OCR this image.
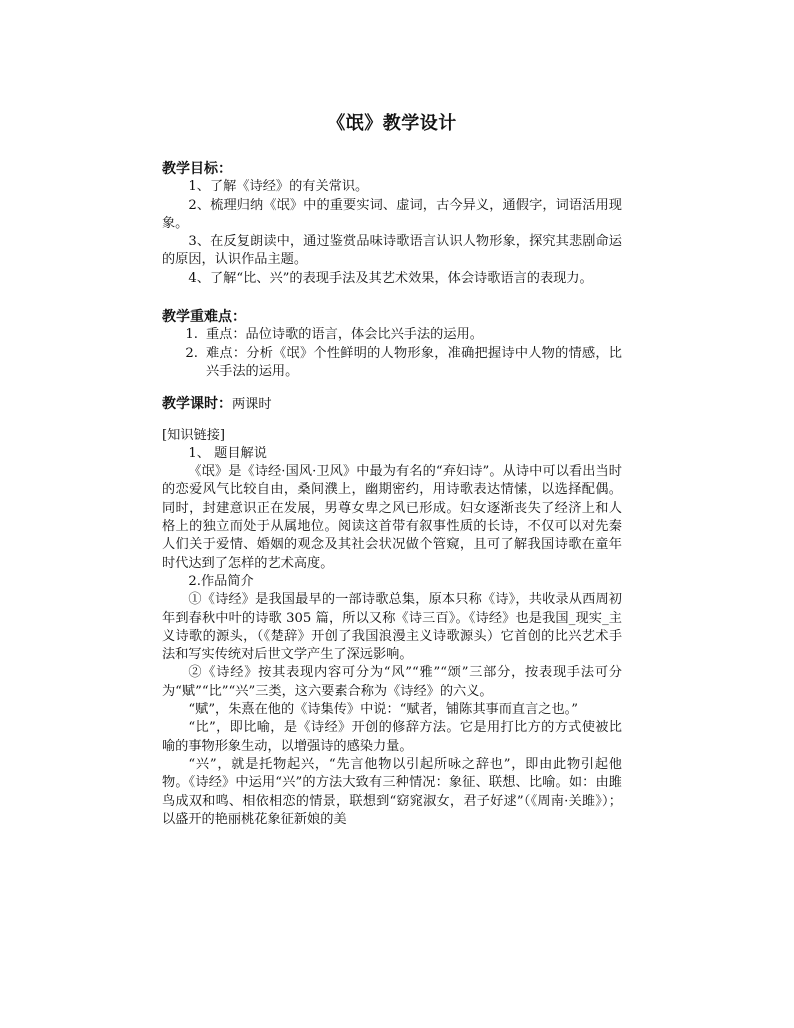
《氓》教学设计
教学目标：

1、了解《诗经》的有关常识。

2、梳理归纳《氓》中的重要实词、虚词，古今异义，通假字，词语活用现象。

3、在反复朗读中，通过鉴赏品味诗歌语言认识人物形象，探究其悲剧命运的原因，认识作品主题。

4、了解“比、兴”的表现手法及其艺术效果，体会诗歌语言的表现力。

教学重难点：
1. 重点：品位诗歌的语言，体会比兴手法的运用。
2. 难点：分析《氓》个性鲜明的人物形象，准确把握诗中人物的情感，比兴手法的运用。
教学课时：两课时
[知识链接]

1、 题目解说

《氓》是《诗经·国风·卫风》中最为有名的“弃妇诗”。从诗中可以看出当时的恋爱风气比较自由，桑间濮上，幽期密约，用诗歌表达情愫，以选择配偶。同时，封建意识正在发展，男尊女卑之风已形成。妇女逐渐丧失了经济上和人格上的独立而处于从属地位。阅读这首带有叙事性质的长诗，不仅可以对先秦人们关于爱情、婚姻的观念及其社会状况做个管窥，且可了解我国诗歌在童年时代达到了怎样的艺术高度。

2.作品简介

①《诗经》是我国最早的一部诗歌总集，原本只称《诗》，共收录从西周初年到春秋中叶的诗歌 305 篇，所以又称《诗三百》。《诗经》也是我国_现实_主义诗歌的源头，（《楚辞》开创了我国浪漫主义诗歌源头）它首创的比兴艺术手法和写实传统对后世文学产生了深远影响。

②《诗经》按其表现内容可分为“风”“雅”“颂”三部分，按表现手法可分为“赋”“比”“兴”三类，这六要素合称为《诗经》的六义。

“赋”，朱熹在他的《诗集传》中说：“赋者，铺陈其事而直言之也。”

“比”，即比喻，是《诗经》开创的修辞方法。它是用打比方的方式使被比喻的事物形象生动，以增强诗的感染力量。

“兴”，就是托物起兴，“先言他物以引起所咏之辞也”，即由此物引起他物。《诗经》中运用“兴”的方法大致有三种情况：象征、联想、比喻。如：由雎鸟成双和鸣、相依相恋的情景，联想到“窈窕淑女，君子好逑”（《周南·关雎》）；以盛开的艳丽桃花象征新娘的美
